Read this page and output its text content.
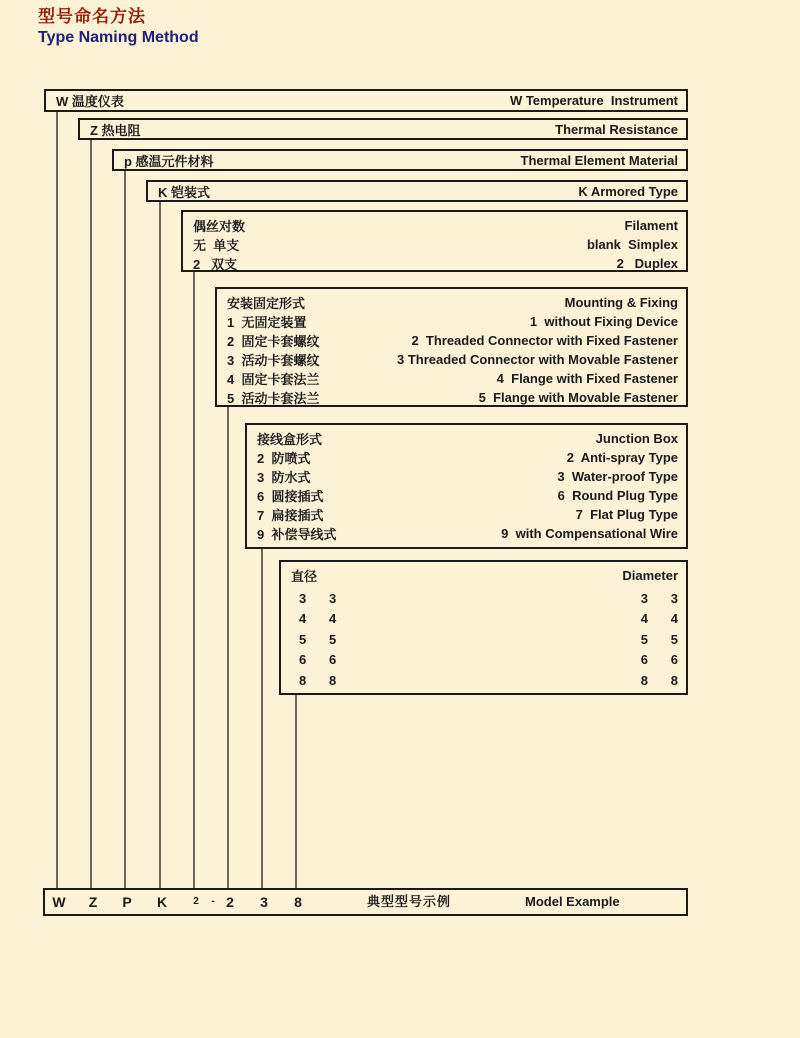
型号命名方法
Type Naming Method
W 温度仪表	W Temperature  Instrument
Z 热电阻	Thermal Resistance
p 感温元件材料	Thermal Element Material
K 铠装式	K Armored Type
偶丝对数	Filament
无  单支	blank  Simplex
2   双支	2   Duplex
安装固定形式	Mounting & Fixing
1  无固定装置	1  without Fixing Device
2  固定卡套螺纹	2  Threaded Connector with Fixed Fastener
3  活动卡套螺纹	3 Threaded Connector with Movable Fastener
4  固定卡套法兰	4  Flange with Fixed Fastener
5  活动卡套法兰	5  Flange with Movable Fastener
接线盒形式	Junction Box
2  防喷式	2  Anti-spray Type
3  防水式	3  Water-proof Type
6  圆接插式	6  Round Plug Type
7  扁接插式	7  Flat Plug Type
9  补偿导线式	9  with Compensational Wire
直径	Diameter
3 3	3 3
4 4	4 4
5 5	5 5
6 6	6 6
8 8	8 8
W Z P K	2 - 2 3 8	典型型号示例	Model Example
